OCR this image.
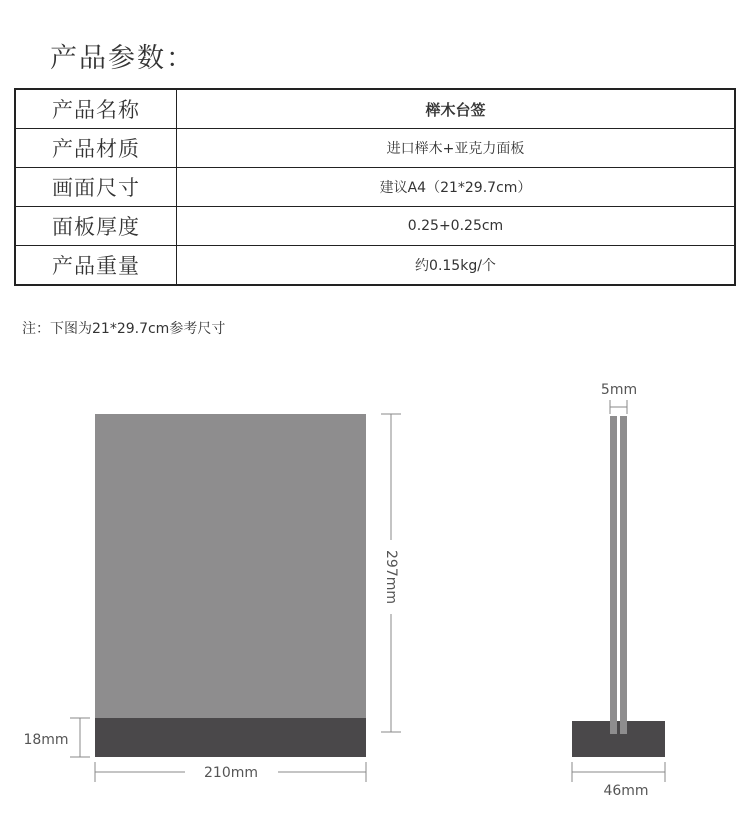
产品参数：
产品名称	榉木台签
产品材质	进口榉木+亚克力面板
画面尺寸	建议A4（21*29.7cm）
面板厚度	0.25+0.25cm
产品重量	约0.15kg/个
注：下图为21*29.7cm参考尺寸
297mm
210mm
18mm
5mm
46mm
